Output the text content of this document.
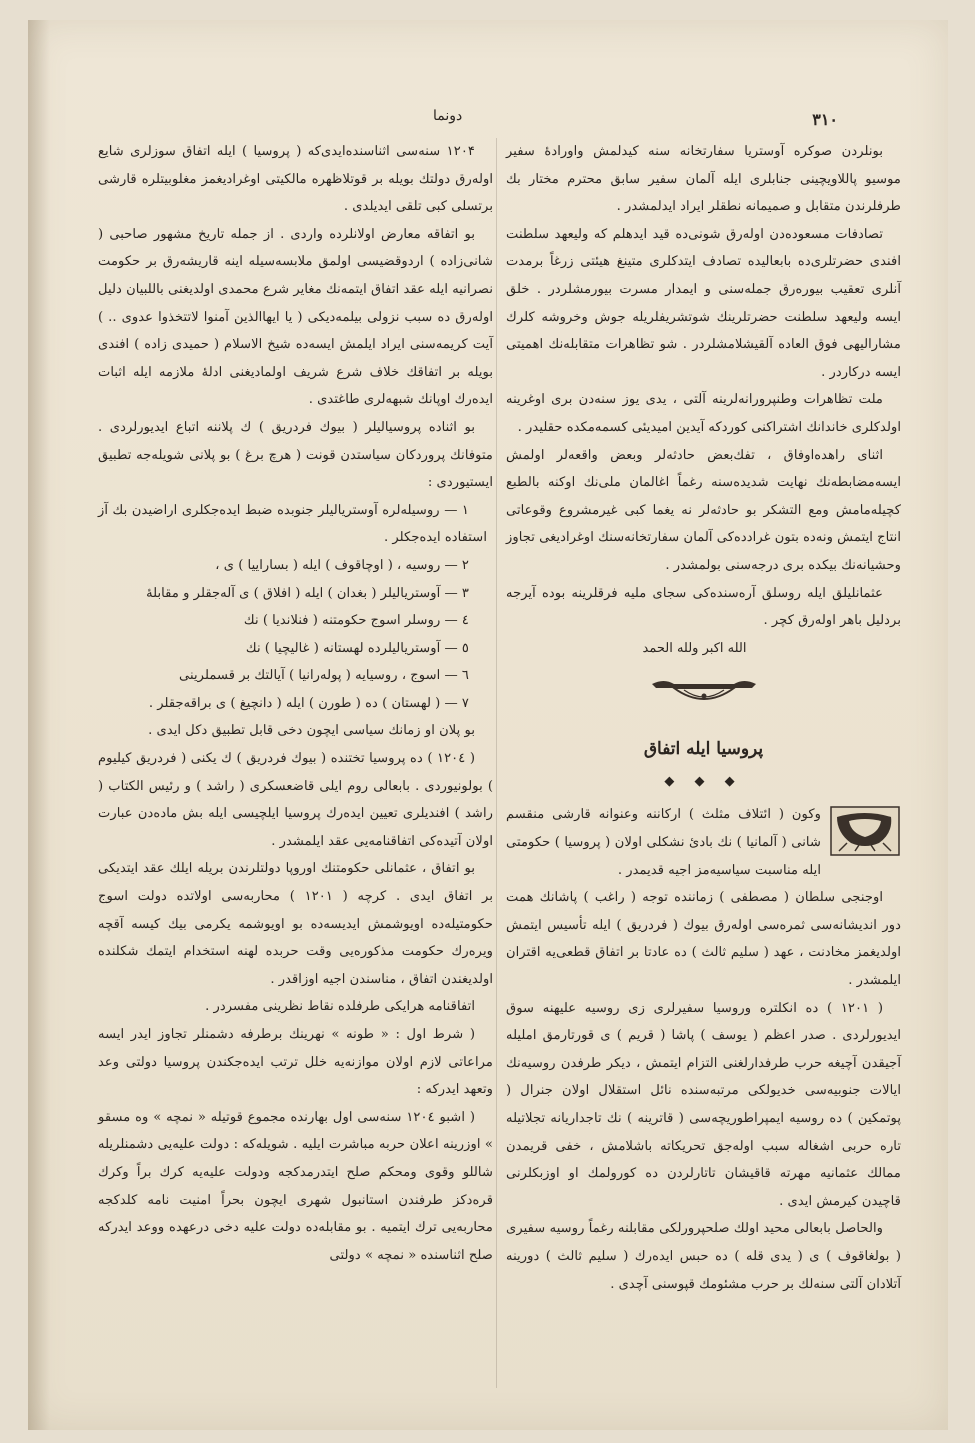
دونما	۳۱۰

بونلردن صوکره آوستریا سفارتخانه سنه کیدلمش واورادهٔ سفیر موسیو پاللاویچینی جنابلری ایله آلمان سفیر سابق محترم مختار بك طرفلرندن متقابل و صمیمانه نطقلر ایراد ایدلمشدر .

تصادفات مسعوده‌دن اوله‌رق شونی‌ده قید ایدهلم که ولیعهد سلطنت افندی حضرتلری‌ده بابعالیده تصادف ایتدکلری متینغ هیئتی زرغاً برمدت آنلری تعقیب بیوره‌رق جمله‌سنی و ایمدار مسرت بیورمشلردر . خلق ایسه ولیعهد سلطنت حضرتلرینك شوتشریفلریله جوش وخروشه کلرك مشارالیهی فوق العاده آلقیشلامشلردر . شو تظاهرات متقابله‌نك اهمیتی ایسه درکاردر .

ملت تظاهرات وطنپرورانه‌لرینه آلتی ، یدی یوز سنه‌دن بری اوغرینه اولدکلری خاندانك اشتراکنی کوردکه آیدین امیدیئی کسمه‌مکده حقلیدر .

اثنای راهده‌اوفاق ، تفك‌بعض حادثه‌لر وبعض واقعه‌لر اولمش ایسه‌مضابطه‌نك نهایت شدیده‌سنه رغماً اغالمان ملی‌نك اوکنه بالطبع کچیله‌مامش ومع التشکر بو حادثه‌لر نه یغما کبی غیرمشروع وقوعاتی انتاج ایتمش ونه‌ده بتون غرادده‌کی آلمان سفارتخانه‌سنك اوغرادیغی تجاوز وحشیانه‌نك بیکده بری درجه‌سنی بولمشدر .

عثمانلیلق ایله روسلق آره‌سنده‌کی سجای ملیه فرقلرینه بوده آیرجه بردلیل باهر اوله‌رق کچر .

الله اکبر ولله الحمد

پروسیا ایله اتفاق
◆ ◆ ◆

وکون ( ائتلاف مثلث ) ارکاننه وعنوانه قارشی منقسم شانی ( آلمانیا ) نك بادئ نشکلی اولان ( پروسیا ) حکومتی ایله مناسبت سیاسیه‌مز اجیه قدیمدر .

اوجنجی سلطان ( مصطفی ) زماننده توجه ( راغب ) پاشانك همت دور اندیشانه‌سی ثمره‌سی اوله‌رق بیوك ( فردریق ) ایله تأسیس ایتمش اولدیغمز مخادنت ، عهد ( سلیم ثالث ) ده عادتا بر اتفاق قطعی‌یه اقتران ایلمشدر .

( ۱۲۰۱ ) ده انکلتره وروسیا سفیرلری زی روسیه علیهنه سوق ایدیورلردی . صدر اعظم ( یوسف ) پاشا ( قریم ) ی قورتارمق املیله آجیقدن آچیغه حرب طرفدارلغنی التزام ایتمش ، دیکر طرفدن روسیه‌نك ایالات جنوبیه‌سی خدیولکی مرتبه‌سنده نائل استقلال اولان جنرال ( پوتمکین ) ده روسیه ایمپراطوریچه‌سی ( قاترینه ) نك تاجداریانه تجلاتیله تاره حربی اشغاله سبب اوله‌جق تحریکاته باشلامش ، خفی قریمدن ممالك عثمانیه مهرته قاقیشان تاتارلردن ده کورولمك او اوزبكلرنی قاچیدن کیرمش ایدی .

والحاصل بابعالی محید اولك صلحپرورلکی مقابلنه رغماً روسیه سفیری ( بولغاقوف ) ی ( یدی قله ) ده حبس ایده‌رك ( سلیم ثالث ) دورینه آتلادان آلتی سنه‌لك بر حرب مشئومك قپوسنی آچدی .

۱۲۰۴ سنه‌سی اثناسنده‌ایدی‌که ( پروسیا ) ایله اتفاق سوزلری شایع اوله‌رق دولتك بویله بر قوتلاظهره مالکیتی اوغرادیغمز مغلوبیتلره قارشی برتسلی کبی تلقی ایدیلدی .

بو اتفاقه معارض اولانلرده واردی . از جمله تاریخ مشهور صاحبی ( شانی‌زاده ) اردوقضیسی اولمق ملابسه‌سیله اینه قاریشه‌رق بر حکومت نصرانیه ایله عقد اتفاق ایتمه‌نك مغایر شرع محمدی اولدیغنی باللبیان دلیل اوله‌رق ده سبب نزولی بیلمه‌دیکی ( یا ایهاالذین آمنوا لاتتخذوا عدوی .. ) آیت کریمه‌سنی ایراد ایلمش ایسه‌ده شیخ الاسلام ( حمیدی زاده ) افندی بویله بر اتفاقك خلاف شرع شریف اولمادیغنی ادلهٔ ملازمه ایله اثبات ایده‌رك اوپانك شبهه‌لری طاغتدی .

بو اثناده پروسیالیلر ( بیوك فردریق ) ك پلاننه اتباع ایدیورلردی . متوفانك پروردکان سیاستدن قونت ( هرچ برغ ) بو پلانی شویله‌جه تطبیق ایستیوردی :

۱ — روسیله‌لره آوستریالیلر جنوبده ضبط ایده‌جکلری اراضیدن بك آز استفاده ایده‌جکلر .

۲ — روسیه ، ( اوچاقوف ) ایله ( بساراییا ) ی ،

۳ — آوستریالیلر ( بغدان ) ایله ( افلاق ) ی آله‌جقلر و مقابلهٔ

٤ — روسلر اسوج حکومتنه ( فنلاندیا ) نك

٥ — آوستریالیلرده لهستانه ( غاليچيا ) نك

٦ — اسوج ، روسیایه ( پوله‌رانیا ) آیالتك بر قسملرینی

٧ — ( لهستان ) ده ( طورن ) ایله ( دانچیغ ) ی براقه‌جقلر .

بو پلان او زمانك سیاسی ایچون دخی قابل تطبیق دکل ایدی .

( ۱۲۰٤ ) ده پروسیا تختنده ( بیوك فردریق ) ك یکنی ( فردریق کیلیوم ) بولونیوردی . بابعالی روم ایلی قاضعسکری ( راشد ) و رئیس الکتاب ( راشد ) افندیلری تعیین ایده‌رك پروسیا ایلچیسی ایله بش ماده‌دن عبارت اولان آتیده‌کی اتفاقنامه‌یی عقد ایلمشدر .

بو اتفاق ، عثمانلی حکومتنك اوروپا دولتلرندن بریله ایلك عقد ایتدیکی بر اتفاق ایدی . کرچه ( ۱۲۰۱ ) محاربه‌سی اولاتده دولت اسوج حکومتیله‌ده اویوشمش ایدیسه‌ده بو اویوشمه یکرمی بیك کیسه آقچه ویره‌رك حکومت مذکوره‌یی وقت حربده لهنه استخدام ایتمك شکلنده اولدیغندن اتفاق ، مناسندن اجیه اوزاقدر .

اتفاقنامه هرایکی طرفلده نقاط نظرینی مفسردر .

( شرط اول : « طونه » نهرینك برطرفه دشمنلر تجاوز ایدر ایسه مراعاتی لازم اولان موازنه‌یه خلل ترتب ایده‌جکندن پروسیا دولتی وعد وتعهد ایدرکه :

( اشبو ۱۲۰٤ سنه‌سی اول بهارنده مجموع قوتیله « نمچه » وه مسقو » اوزرینه اعلان حربه مباشرت ایلیه . شویله‌که : دولت علیه‌یی دشمنلریله شاللو وقوی ومحکم صلح ایتدرمدکجه ودولت علیه‌یه کرك براً وکرك قره‌دکز طرفندن استانبول شهری ایچون بحراً امنیت نامه کلدکجه محاربه‌یی ترك ایتمیه . بو مقابله‌ده دولت علیه دخی درعهده ووعد ایدرکه صلح اثناسنده « نمچه » دولتی
